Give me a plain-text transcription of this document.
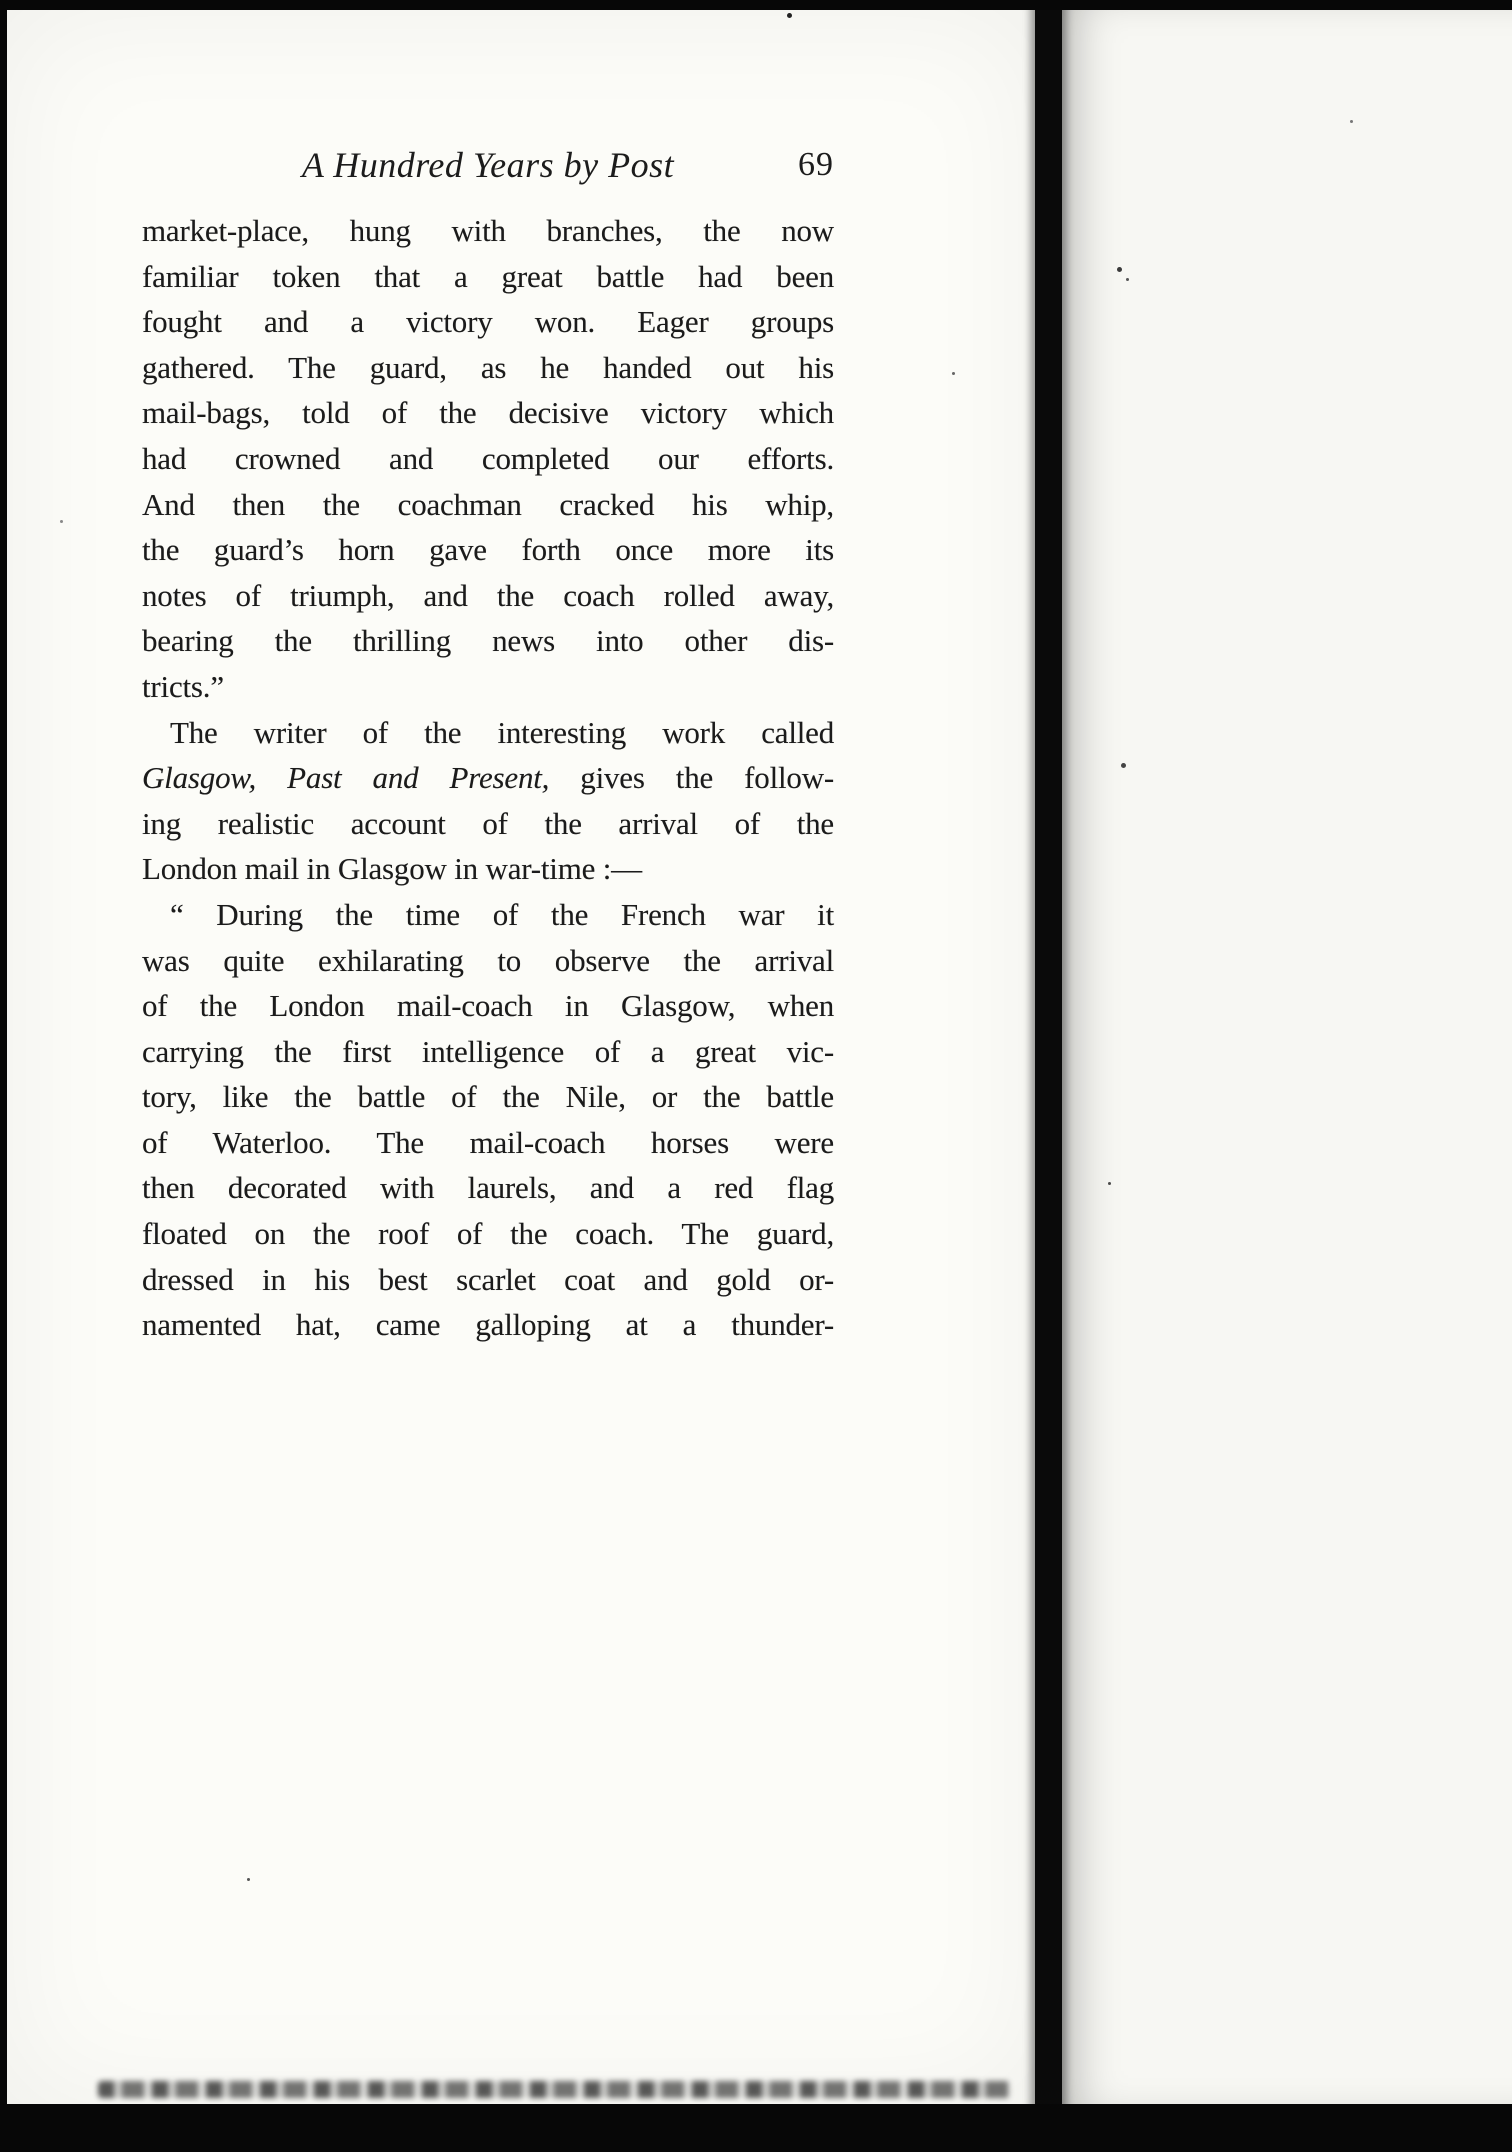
A Hundred Years by Post	69
market-place, hung with branches, the now
familiar token that a great battle had been
fought and a victory won. Eager groups
gathered. The guard, as he handed out his
mail-bags, told of the decisive victory which
had crowned and completed our efforts.
And then the coachman cracked his whip,
the guard’s horn gave forth once more its
notes of triumph, and the coach rolled away,
bearing the thrilling news into other dis-
tricts.”
The writer of the interesting work called
Glasgow, Past and Present, gives the follow-
ing realistic account of the arrival of the
London mail in Glasgow in war-time :—
“ During the time of the French war it
was quite exhilarating to observe the arrival
of the London mail-coach in Glasgow, when
carrying the first intelligence of a great vic-
tory, like the battle of the Nile, or the battle
of Waterloo. The mail-coach horses were
then decorated with laurels, and a red flag
floated on the roof of the coach. The guard,
dressed in his best scarlet coat and gold or-
namented hat, came galloping at a thunder-
